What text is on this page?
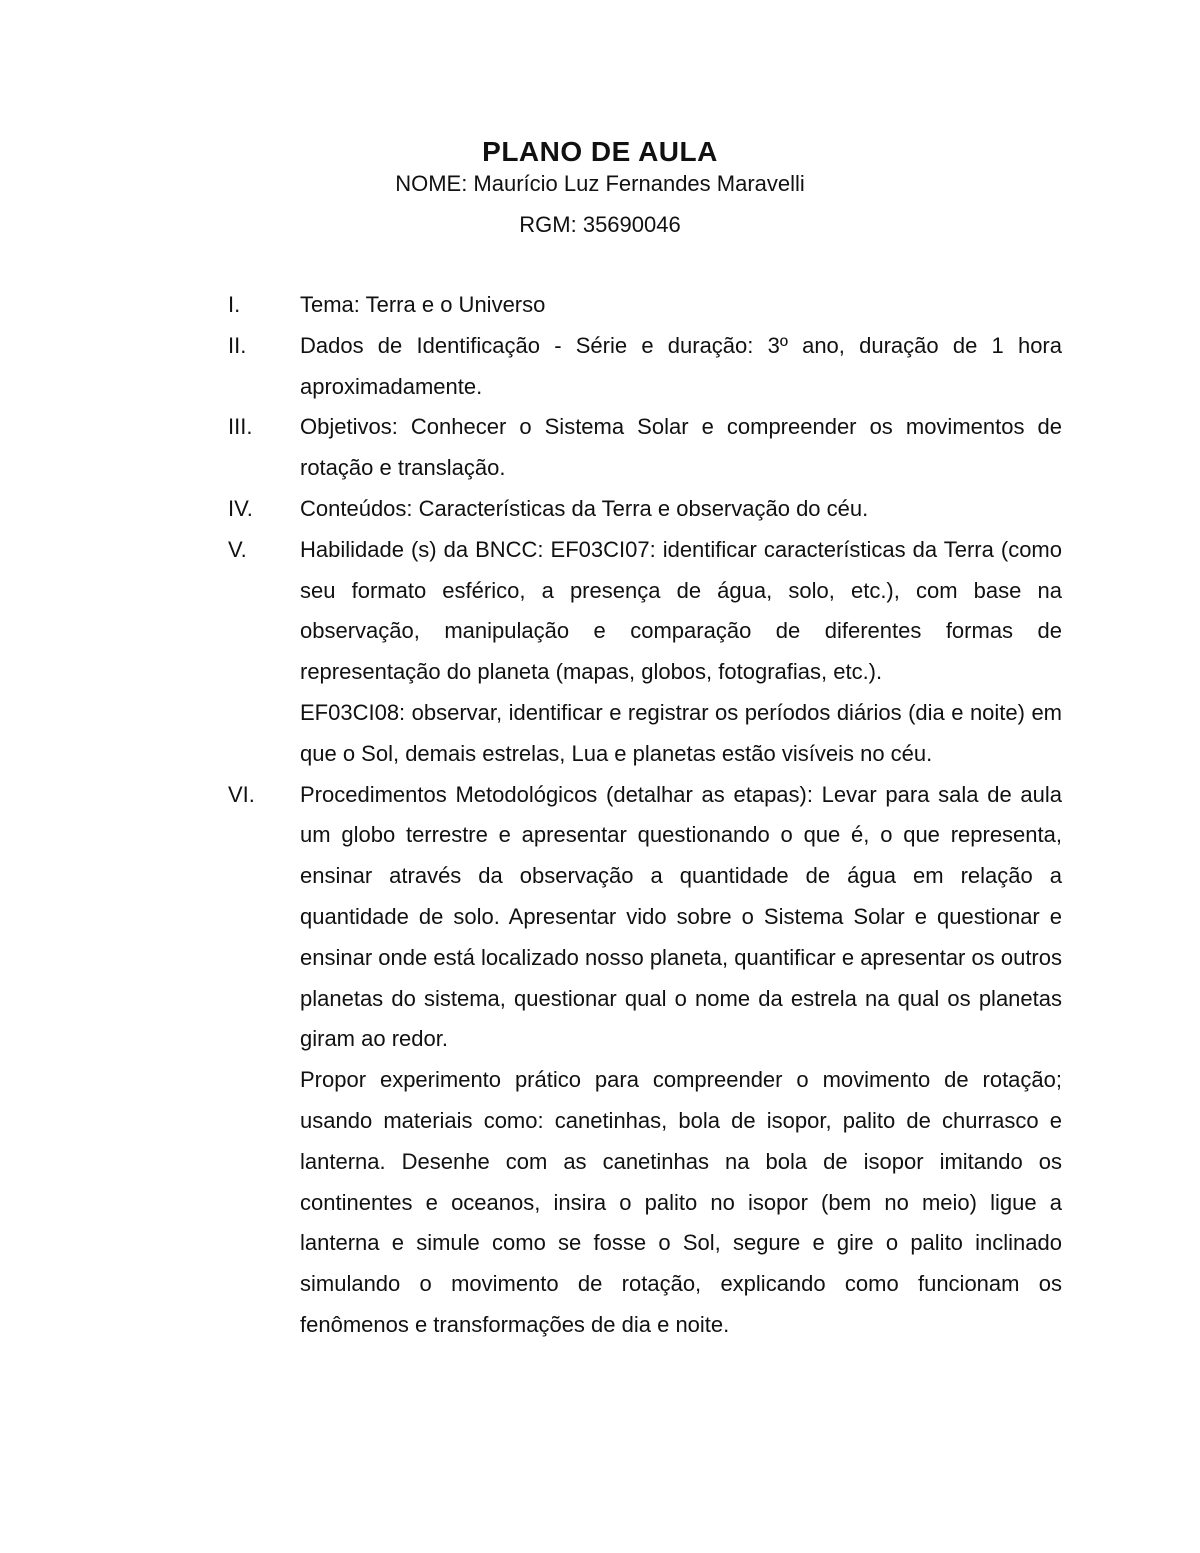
PLANO DE AULA
NOME: Maurício Luz Fernandes Maravelli
RGM: 35690046
I.	Tema: Terra e o Universo

II.	Dados de Identificação - Série e duração: 3º ano, duração de 1 hora aproximadamente.

III.	Objetivos: Conhecer o Sistema Solar e compreender os movimentos de rotação e translação.

IV.	Conteúdos: Características da Terra e observação do céu.

V.	Habilidade (s) da BNCC: EF03CI07: identificar características da Terra (como seu formato esférico, a presença de água, solo, etc.), com base na observação, manipulação e comparação de diferentes formas de representação do planeta (mapas, globos, fotografias, etc.).

EF03CI08: observar, identificar e registrar os períodos diários (dia e noite) em que o Sol, demais estrelas, Lua e planetas estão visíveis no céu.

VI.	Procedimentos Metodológicos (detalhar as etapas): Levar para sala de aula um globo terrestre e apresentar questionando o que é, o que representa, ensinar através da observação a quantidade de água em relação a quantidade de solo. Apresentar vido sobre o Sistema Solar e questionar e ensinar onde está localizado nosso planeta, quantificar e apresentar os outros planetas do sistema, questionar qual o nome da estrela na qual os planetas giram ao redor.

Propor experimento prático para compreender o movimento de rotação; usando materiais como: canetinhas, bola de isopor, palito de churrasco e lanterna. Desenhe com as canetinhas na bola de isopor imitando os continentes e oceanos, insira o palito no isopor (bem no meio) ligue a lanterna e simule como se fosse o Sol, segure e gire o palito inclinado simulando o movimento de rotação, explicando como funcionam os fenômenos e transformações de dia e noite.
